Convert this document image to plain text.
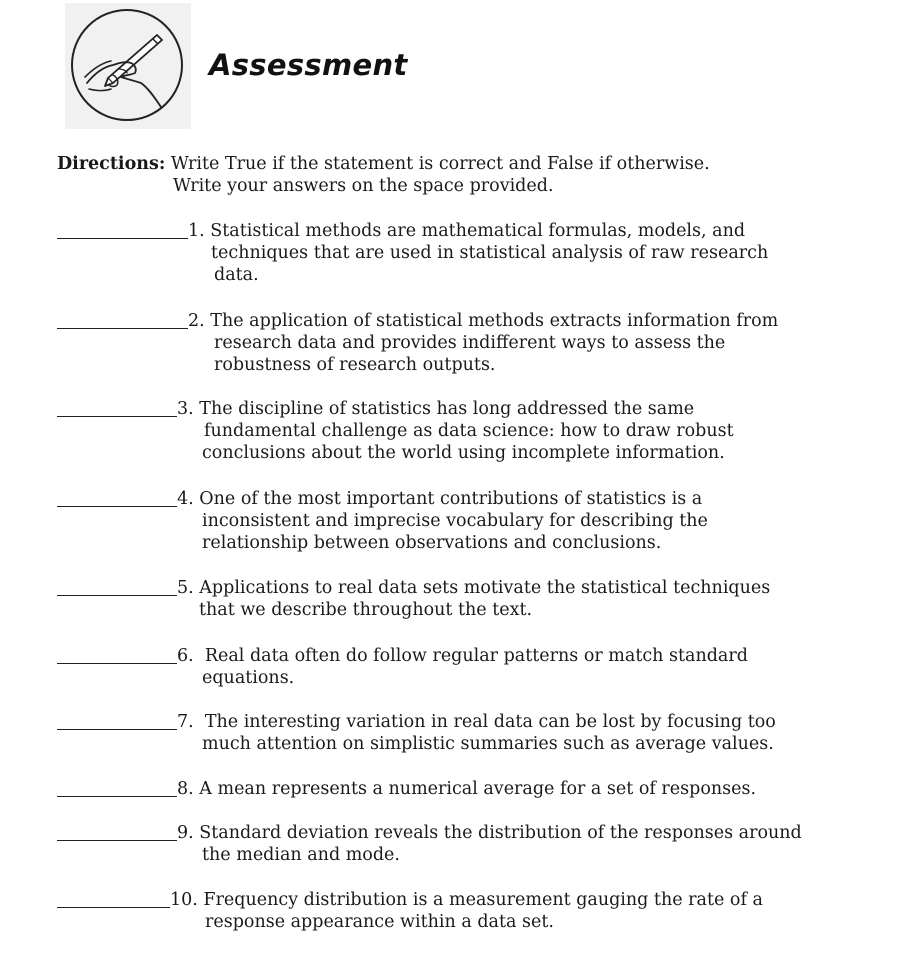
Assessment
Directions: Write True if the statement is correct and False if otherwise.
Write your answers on the space provided.
1. Statistical methods are mathematical formulas, models, and
techniques that are used in statistical analysis of raw research
data.
2. The application of statistical methods extracts information from
research data and provides indifferent ways to assess the
robustness of research outputs.
3. The discipline of statistics has long addressed the same
fundamental challenge as data science: how to draw robust
conclusions about the world using incomplete information.
4. One of the most important contributions of statistics is a
inconsistent and imprecise vocabulary for describing the
relationship between observations and conclusions.
5. Applications to real data sets motivate the statistical techniques
that we describe throughout the text.
6.  Real data often do follow regular patterns or match standard
equations.
7.  The interesting variation in real data can be lost by focusing too
much attention on simplistic summaries such as average values.
8. A mean represents a numerical average for a set of responses.
9. Standard deviation reveals the distribution of the responses around
the median and mode.
10. Frequency distribution is a measurement gauging the rate of a
response appearance within a data set.
